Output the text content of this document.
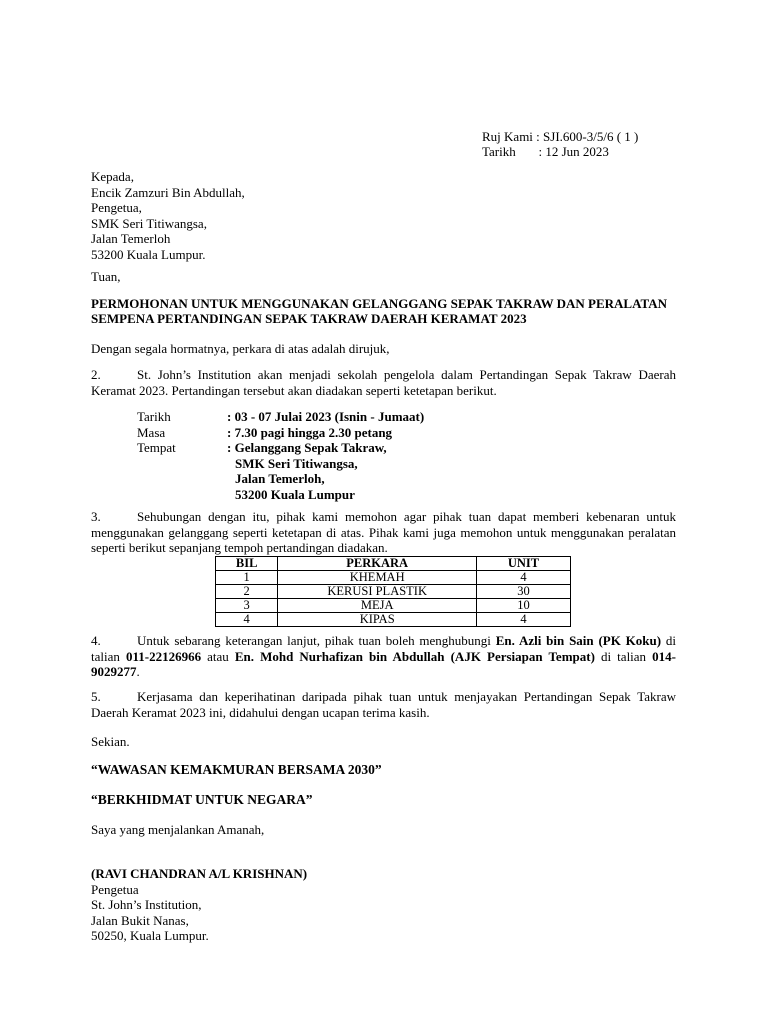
Ruj Kami : SJI.600-3/5/6 ( 1 )
Tarikh       : 12 Jun 2023
Kepada,
Encik Zamzuri Bin Abdullah,
Pengetua,
SMK Seri Titiwangsa,
Jalan Temerloh
53200 Kuala Lumpur.
Tuan,
PERMOHONAN UNTUK MENGGUNAKAN GELANGGANG SEPAK TAKRAW DAN PERALATAN
SEMPENA PERTANDINGAN SEPAK TAKRAW DAERAH KERAMAT 2023
Dengan segala hormatnya, perkara di atas adalah dirujuk,
2.	St. John’s Institution akan menjadi sekolah pengelola dalam Pertandingan Sepak Takraw Daerah Keramat 2023. Pertandingan tersebut akan diadakan seperti ketetapan berikut.
Tarikh	: 03 - 07 Julai 2023 (Isnin - Jumaat)
Masa	: 7.30 pagi hingga 2.30 petang
Tempat	: Gelanggang Sepak Takraw,
SMK Seri Titiwangsa,
Jalan Temerloh,
53200 Kuala Lumpur
3.	Sehubungan dengan itu, pihak kami memohon agar pihak tuan dapat memberi kebenaran untuk menggunakan gelanggang seperti ketetapan di atas. Pihak kami juga memohon untuk menggunakan peralatan seperti berikut sepanjang tempoh pertandingan diadakan.
BIL	PERKARA	UNIT
1	KHEMAH	4
2	KERUSI PLASTIK	30
3	MEJA	10
4	KIPAS	4
4.	Untuk sebarang keterangan lanjut, pihak tuan boleh menghubungi En. Azli bin Sain (PK Koku) di talian 011-22126966 atau En. Mohd Nurhafizan bin Abdullah (AJK Persiapan Tempat) di talian 014-9029277.
5.	Kerjasama dan keperihatinan daripada pihak tuan untuk menjayakan Pertandingan Sepak Takraw Daerah Keramat 2023 ini, didahului dengan ucapan terima kasih.
Sekian.
“WAWASAN KEMAKMURAN BERSAMA 2030”
“BERKHIDMAT UNTUK NEGARA”
Saya yang menjalankan Amanah,
(RAVI CHANDRAN A/L KRISHNAN)
Pengetua
St. John’s Institution,
Jalan Bukit Nanas,
50250, Kuala Lumpur.
